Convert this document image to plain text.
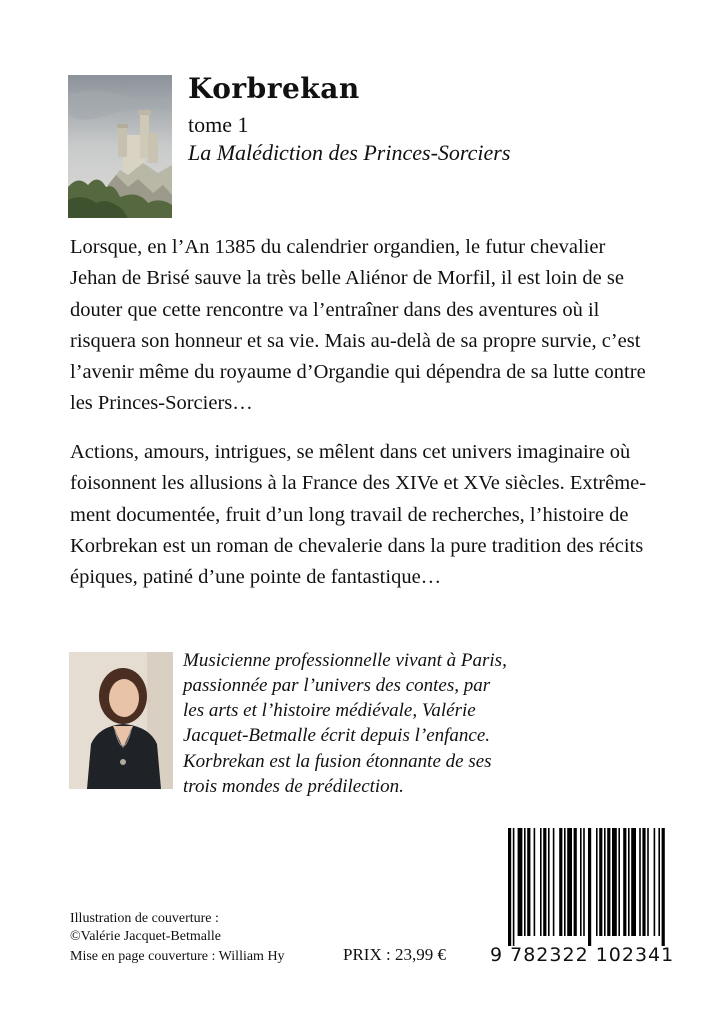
Korbrekan
tome 1
La Malédiction des Princes-Sorciers

Lorsque, en l’An 1385 du calendrier organdien, le futur chevalier
Jehan de Brisé sauve la très belle Aliénor de Morfil, il est loin de se
douter que cette rencontre va l’entraîner dans des aventures où il
risquera son honneur et sa vie. Mais au-delà de sa propre survie, c’est
l’avenir même du royaume d’Organdie qui dépendra de sa lutte contre
les Princes-Sorciers…

Actions, amours, intrigues, se mêlent dans cet univers imaginaire où
foisonnent les allusions à la France des XIVe et XVe siècles. Extrême-
ment documentée, fruit d’un long travail de recherches, l’histoire de
Korbrekan est un roman de chevalerie dans la pure tradition des récits
épiques, patiné d’une pointe de fantastique…

Musicienne professionnelle vivant à Paris,
passionnée par l’univers des contes, par
les arts et l’histoire médiévale, Valérie
Jacquet-Betmalle écrit depuis l’enfance.

Korbrekan est la fusion étonnante de ses
trois mondes de prédilection.

Illustration de couverture :
©Valérie Jacquet-Betmalle
Mise en page couverture : William Hy	PRIX : 23,99 € 9 782322 102341
